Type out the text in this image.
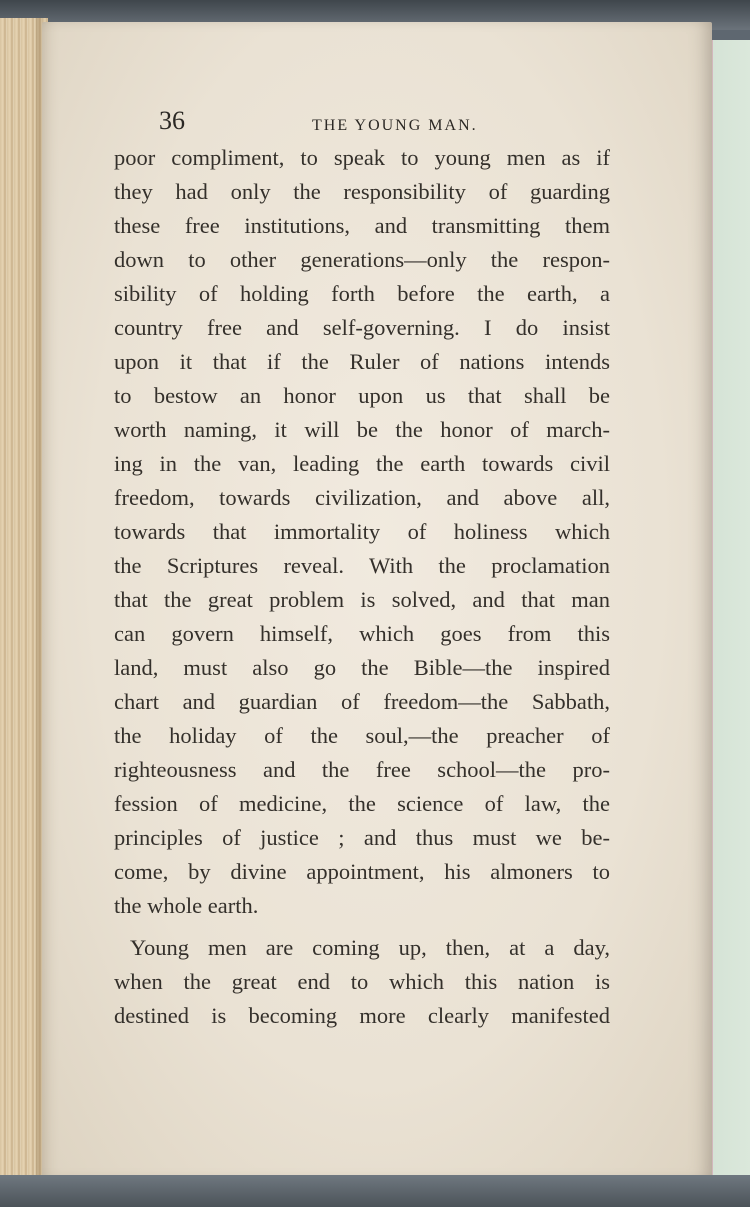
36	THE YOUNG MAN.
poor compliment, to speak to young men as if
they had only the responsibility of guarding
these free institutions, and transmitting them
down to other generations—only the respon-
sibility of holding forth before the earth, a
country free and self-governing. I do insist
upon it that if the Ruler of nations intends
to bestow an honor upon us that shall be
worth naming, it will be the honor of march-
ing in the van, leading the earth towards civil
freedom, towards civilization, and above all,
towards that immortality of holiness which
the Scriptures reveal. With the proclamation
that the great problem is solved, and that man
can govern himself, which goes from this
land, must also go the Bible—the inspired
chart and guardian of freedom—the Sabbath,
the holiday of the soul,—the preacher of
righteousness and the free school—the pro-
fession of medicine, the science of law, the
principles of justice ; and thus must we be-
come, by divine appointment, his almoners to
the whole earth.
Young men are coming up, then, at a day,
when the great end to which this nation is
destined is becoming more clearly manifested
